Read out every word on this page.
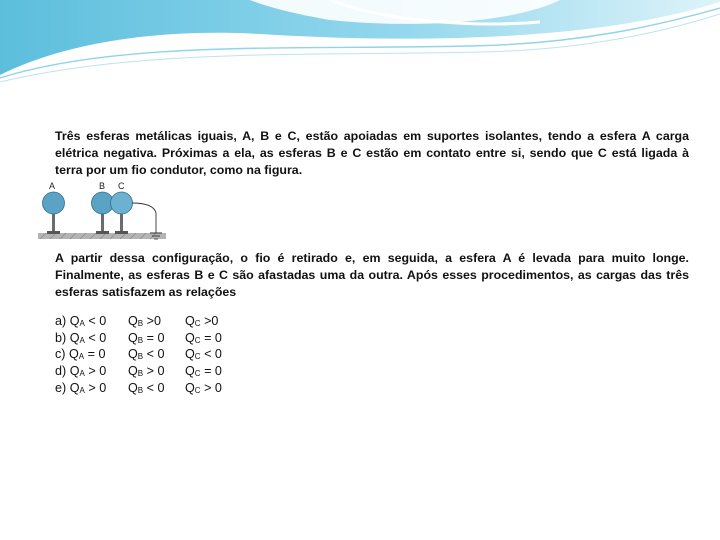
Três esferas metálicas iguais, A, B e C, estão apoiadas em suportes isolantes, tendo a esfera A carga elétrica negativa. Próximas a ela, as esferas B e C estão em contato entre si, sendo que C está ligada à terra por um fio condutor, como na figura.

A	B C

A partir dessa configuração, o fio é retirado e, em seguida, a esfera A é levada para muito longe. Finalmente, as esferas B e C são afastadas uma da outra. Após esses procedimentos, as cargas das três esferas satisfazem as relações

a) $Q_A < 0$ $Q_B >0$ $Q_C >0$
b) $Q_A < 0$ $Q_B = 0$ $Q_C = 0$
c) $Q_A = 0$ $Q_B < 0$ $Q_C < 0$
d) $Q_A > 0$ $Q_B > 0$ $Q_C = 0$
e) $Q_A > 0$ $Q_B < 0$ $Q_C > 0$
